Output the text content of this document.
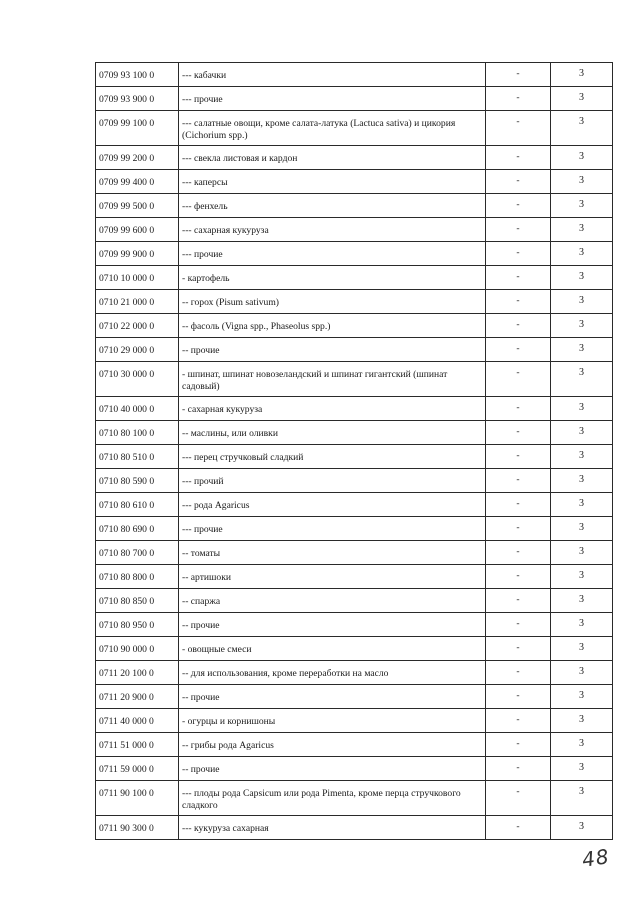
0709 93 100 0	--- кабачки	-	3
0709 93 900 0	--- прочие	-	3
0709 99 100 0	--- салатные овощи, кроме салата-латука (Lactuca sativa) и цикория (Cichorium spp.)	-	3
0709 99 200 0	--- свекла листовая и кардон	-	3
0709 99 400 0	--- каперсы	-	3
0709 99 500 0	--- фенхель	-	3
0709 99 600 0	--- сахарная кукуруза	-	3
0709 99 900 0	--- прочие	-	3
0710 10 000 0	- картофель	-	3
0710 21 000 0	-- горох (Pisum sativum)	-	3
0710 22 000 0	-- фасоль (Vigna spp., Phaseolus spp.)	-	3
0710 29 000 0	-- прочие	-	3
0710 30 000 0	- шпинат, шпинат новозеландский и шпинат гигантский (шпинат садовый)	-	3
0710 40 000 0	- сахарная кукуруза	-	3
0710 80 100 0	-- маслины, или оливки	-	3
0710 80 510 0	--- перец стручковый сладкий	-	3
0710 80 590 0	--- прочий	-	3
0710 80 610 0	--- рода Agaricus	-	3
0710 80 690 0	--- прочие	-	3
0710 80 700 0	-- томаты	-	3
0710 80 800 0	-- артишоки	-	3
0710 80 850 0	-- спаржа	-	3
0710 80 950 0	-- прочие	-	3
0710 90 000 0	- овощные смеси	-	3
0711 20 100 0	-- для использования, кроме переработки на масло	-	3
0711 20 900 0	-- прочие	-	3
0711 40 000 0	- огурцы и корнишоны	-	3
0711 51 000 0	-- грибы рода Agaricus	-	3
0711 59 000 0	-- прочие	-	3
0711 90 100 0	--- плоды рода Capsicum или рода Pimenta, кроме перца стручкового сладкого	-	3
0711 90 300 0	--- кукуруза сахарная	-	3
48
